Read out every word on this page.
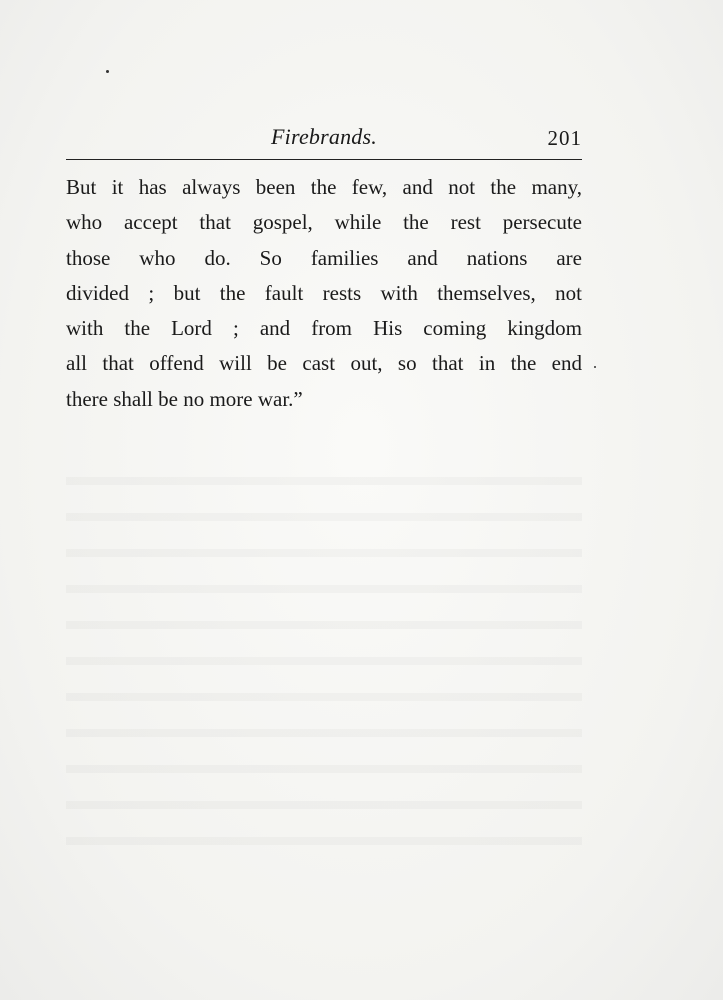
Firebrands.	201
But it has always been the few, and not the many,
who accept that gospel, while the rest persecute
those who do. So families and nations are
divided ; but the fault rests with themselves, not
with the Lord ; and from His coming kingdom
all that offend will be cast out, so that in the end
there shall be no more war.”
